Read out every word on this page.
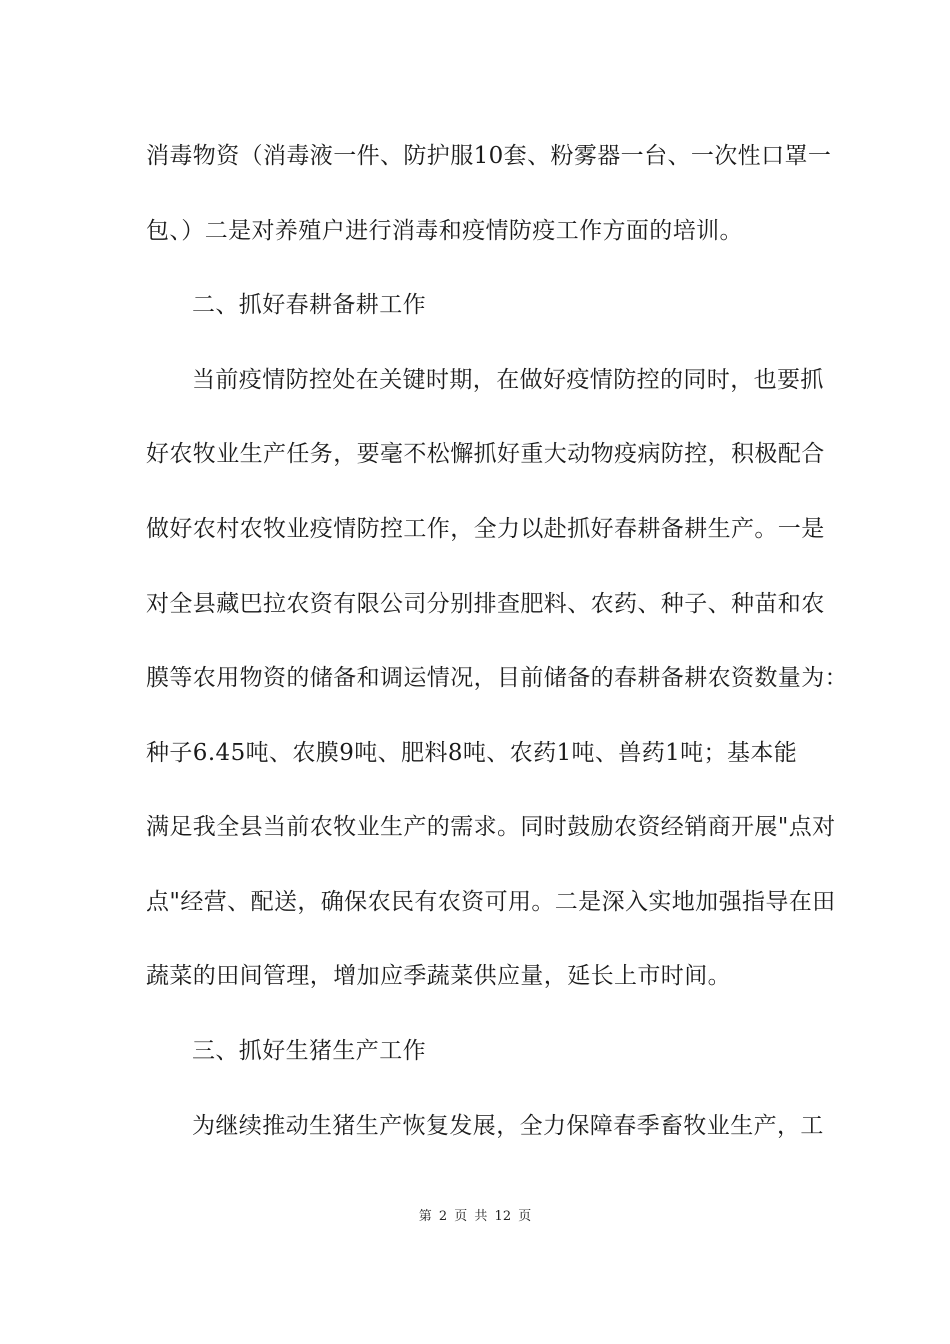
消毒物资（消毒液一件、防护服10套、粉雾器一台、一次性口罩一
包、）二是对养殖户进行消毒和疫情防疫工作方面的培训。
二、抓好春耕备耕工作
当前疫情防控处在关键时期，在做好疫情防控的同时，也要抓
好农牧业生产任务，要毫不松懈抓好重大动物疫病防控，积极配合
做好农村农牧业疫情防控工作，全力以赴抓好春耕备耕生产。一是
对全县藏巴拉农资有限公司分别排查肥料、农药、种子、种苗和农
膜等农用物资的储备和调运情况，目前储备的春耕备耕农资数量为：
种子6.45吨、农膜9吨、肥料8吨、农药1吨、兽药1吨；基本能
满足我全县当前农牧业生产的需求。同时鼓励农资经销商开展"点对
点"经营、配送，确保农民有农资可用。二是深入实地加强指导在田
蔬菜的田间管理，增加应季蔬菜供应量，延长上市时间。
三、抓好生猪生产工作
为继续推动生猪生产恢复发展，全力保障春季畜牧业生产，工
第 2 页 共 12 页
